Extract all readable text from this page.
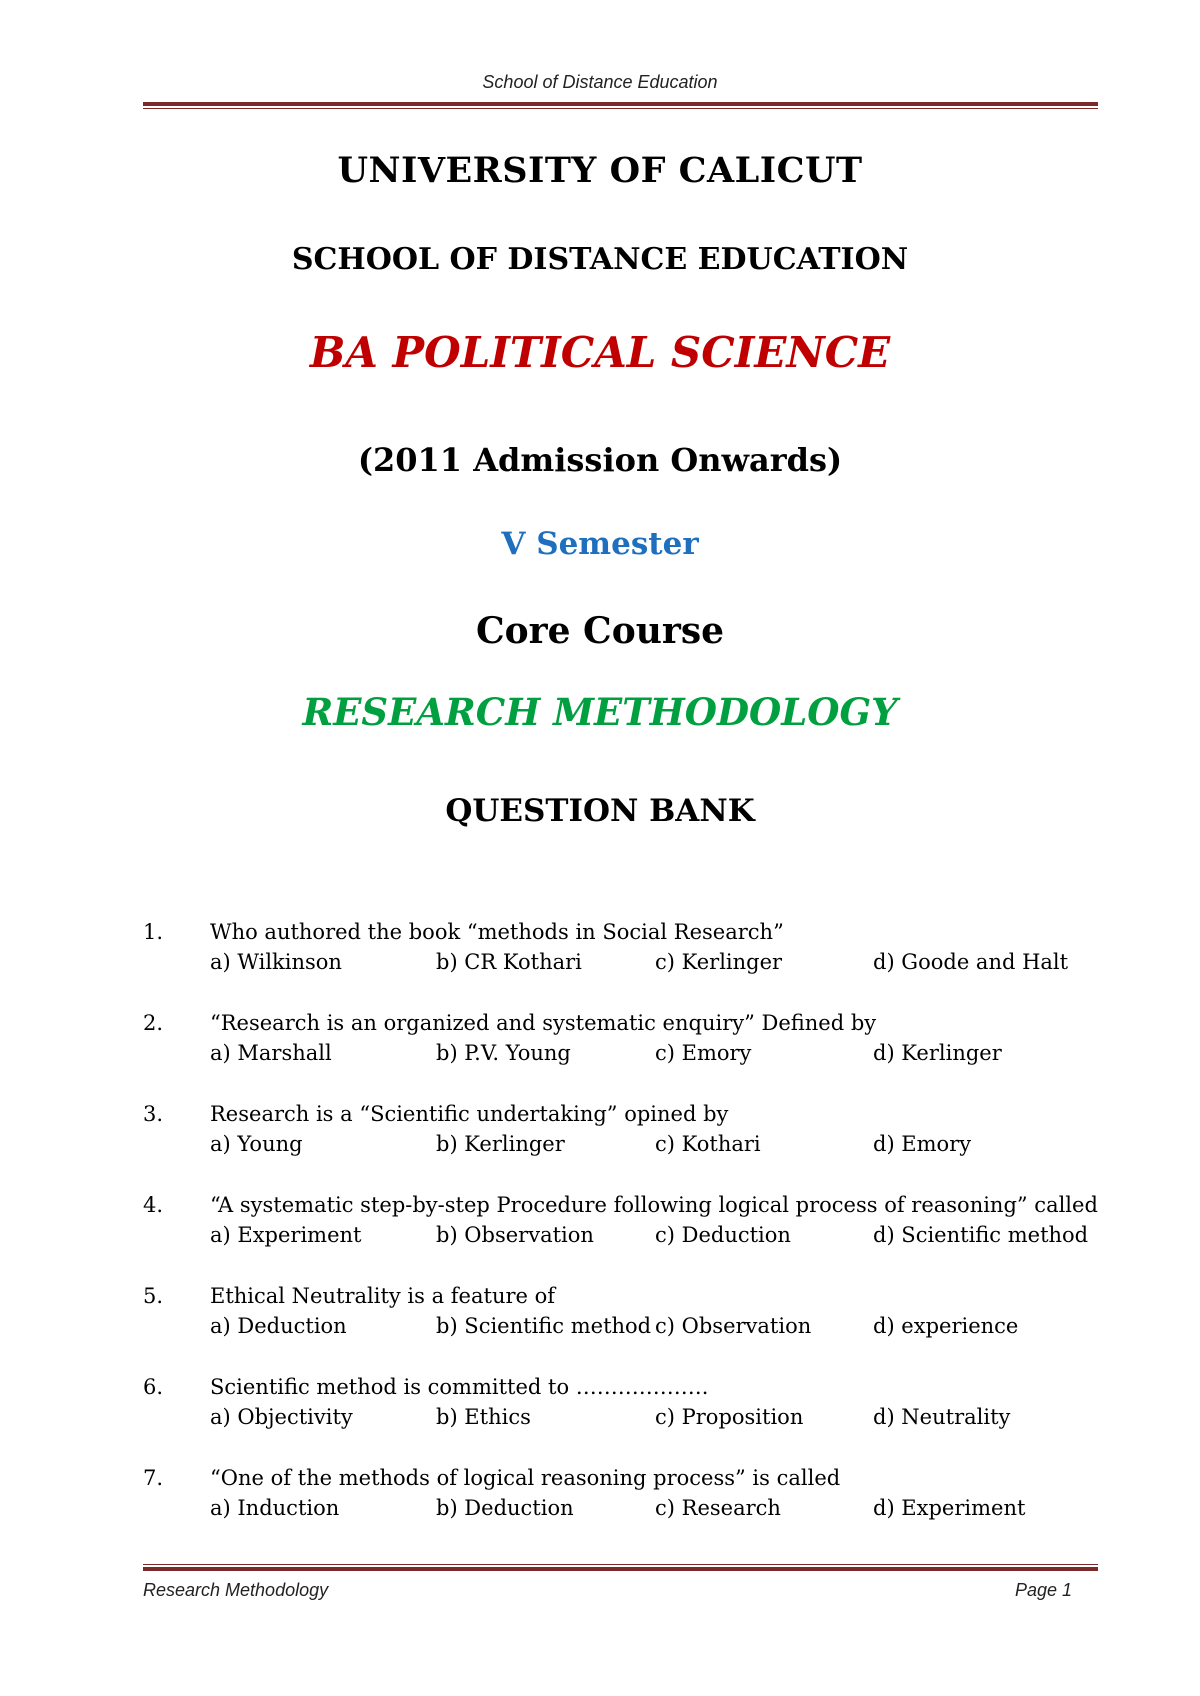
School of Distance Education
UNIVERSITY OF CALICUT
SCHOOL OF DISTANCE EDUCATION
BA POLITICAL SCIENCE
(2011 Admission Onwards)
V Semester
Core Course
RESEARCH METHODOLOGY
QUESTION BANK
1. Who authored the book “methods in Social Research”
a) Wilkinson	b) CR Kothari	c) Kerlinger	d) Goode and Halt
2. “Research is an organized and systematic enquiry” Defined by
a) Marshall	b) P.V. Young	c) Emory	d) Kerlinger
3. Research is a “Scientific undertaking” opined by
a) Young	b) Kerlinger	c) Kothari	d) Emory
4. “A systematic step-by-step Procedure following logical process of reasoning” called
a) Experiment	b) Observation	c) Deduction	d) Scientific method
5. Ethical Neutrality is a feature of
a) Deduction	b) Scientific method c) Observation	d) experience
6. Scientific method is committed to ……………….
a) Objectivity	b) Ethics	c) Proposition	d) Neutrality
7. “One of the methods of logical reasoning process” is called
a) Induction	b) Deduction	c) Research	d) Experiment
Research Methodology	Page 1
